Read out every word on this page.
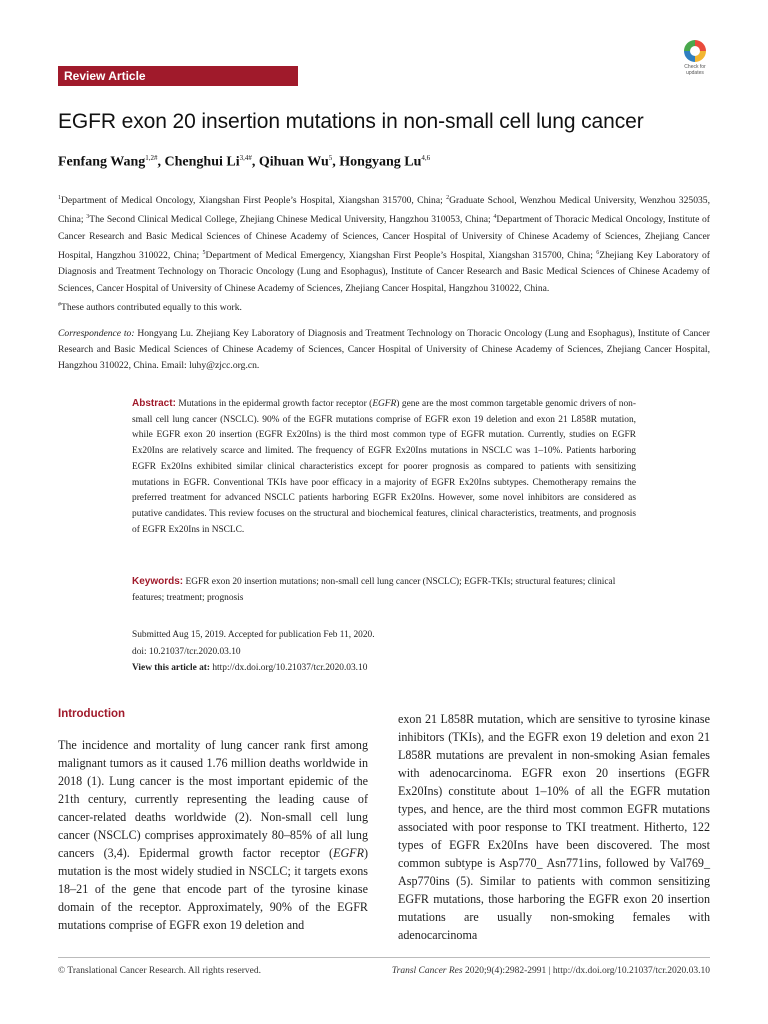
Review Article
Check for updates
EGFR exon 20 insertion mutations in non-small cell lung cancer
Fenfang Wang$^{1,2\#}$, Chenghui $Li^{3,4\#}$, Qihuan Wu$^5$, Hongyang Lu$^{4,6}$
$^1$Department of Medical Oncology, Xiangshan First People’s Hospital, Xiangshan 315700, China; $^2$Graduate School, Wenzhou Medical University, Wenzhou 325035, China; $^3$The Second Clinical Medical College, Zhejiang Chinese Medical University, Hangzhou 310053, China; $^4$Department of Thoracic Medical Oncology, Institute of Cancer Research and Basic Medical Sciences of Chinese Academy of Sciences, Cancer Hospital of University of Chinese Academy of Sciences, Zhejiang Cancer Hospital, Hangzhou 310022, China; $^5$Department of Medical Emergency, Xiangshan First People’s Hospital, Xiangshan 315700, China; $^6$Zhejiang Key Laboratory of Diagnosis and Treatment Technology on Thoracic Oncology (Lung and Esophagus), Institute of Cancer Research and Basic Medical Sciences of Chinese Academy of Sciences, Cancer Hospital of University of Chinese Academy of Sciences, Zhejiang Cancer Hospital, Hangzhou 310022, China.
#These authors contributed equally to this work.
Correspondence to: Hongyang Lu. Zhejiang Key Laboratory of Diagnosis and Treatment Technology on Thoracic Oncology (Lung and Esophagus), Institute of Cancer Research and Basic Medical Sciences of Chinese Academy of Sciences, Cancer Hospital of University of Chinese Academy of Sciences, Zhejiang Cancer Hospital, Hangzhou 310022, China. Email: luhy@zjcc.org.cn.
Abstract: Mutations in the epidermal growth factor receptor (EGFR) gene are the most common targetable genomic drivers of non-small cell lung cancer (NSCLC). 90% of the EGFR mutations comprise of EGFR exon 19 deletion and exon 21 L858R mutation, while EGFR exon 20 insertion (EGFR Ex20Ins) is the third most common type of EGFR mutation. Currently, studies on EGFR Ex20Ins are relatively scarce and limited. The frequency of EGFR Ex20Ins mutations in NSCLC was 1–10%. Patients harboring EGFR Ex20Ins exhibited similar clinical characteristics except for poorer prognosis as compared to patients with sensitizing mutations in EGFR. Conventional TKIs have poor efficacy in a majority of EGFR Ex20Ins subtypes. Chemotherapy remains the preferred treatment for advanced NSCLC patients harboring EGFR Ex20Ins. However, some novel inhibitors are considered as putative candidates. This review focuses on the structural and biochemical features, clinical characteristics, treatments, and prognosis of EGFR Ex20Ins in NSCLC.
Keywords: EGFR exon 20 insertion mutations; non-small cell lung cancer (NSCLC); EGFR-TKIs; structural features; clinical features; treatment; prognosis
Submitted Aug 15, 2019. Accepted for publication Feb 11, 2020.
doi: 10.21037/tcr.2020.03.10
View this article at: http://dx.doi.org/10.21037/tcr.2020.03.10
Introduction
The incidence and mortality of lung cancer rank first among malignant tumors as it caused 1.76 million deaths worldwide in 2018 (1). Lung cancer is the most important epidemic of the 21th century, currently representing the leading cause of cancer-related deaths worldwide (2). Non-small cell lung cancer (NSCLC) comprises approximately 80–85% of all lung cancers (3,4). Epidermal growth factor receptor (EGFR) mutation is the most widely studied in NSCLC; it targets exons 18–21 of the gene that encode part of the tyrosine kinase domain of the receptor. Approximately, 90% of the EGFR mutations comprise of EGFR exon 19 deletion and
exon 21 L858R mutation, which are sensitive to tyrosine kinase inhibitors (TKIs), and the EGFR exon 19 deletion and exon 21 L858R mutations are prevalent in non-smoking Asian females with adenocarcinoma. EGFR exon 20 insertions (EGFR Ex20Ins) constitute about 1–10% of all the EGFR mutation types, and hence, are the third most common EGFR mutations associated with poor response to TKI treatment. Hitherto, 122 types of EGFR Ex20Ins have been discovered. The most common subtype is Asp770_ Asn771ins, followed by Val769_ Asp770ins (5). Similar to patients with common sensitizing EGFR mutations, those harboring the EGFR exon 20 insertion mutations are usually non-smoking females with adenocarcinoma
© Translational Cancer Research. All rights reserved.	Transl Cancer Res 2020;9(4):2982-2991 | http://dx.doi.org/10.21037/tcr.2020.03.10
